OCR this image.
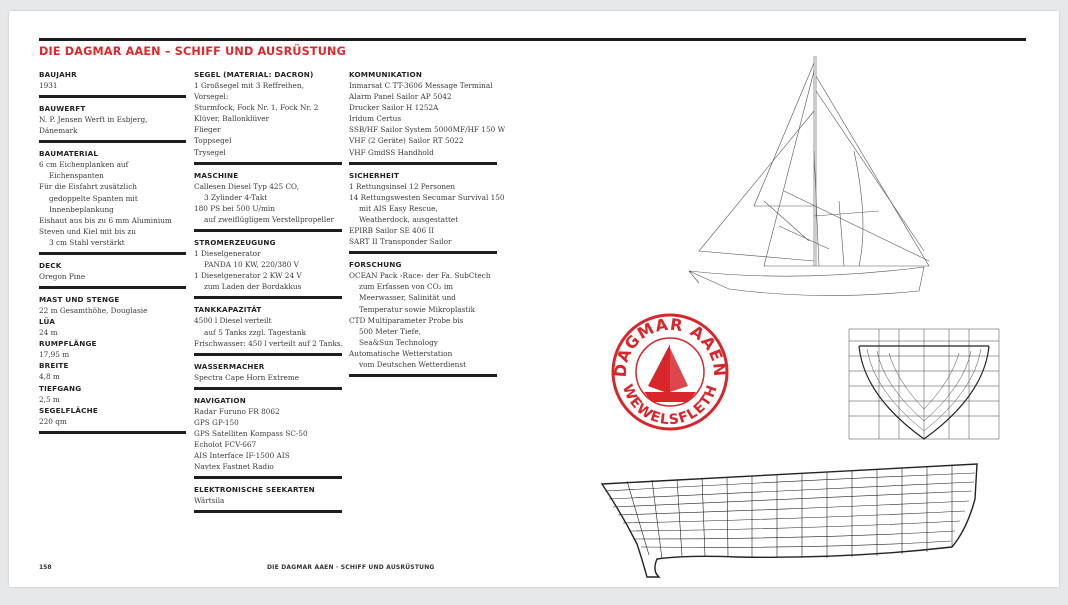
DIE DAGMAR AAEN – SCHIFF UND AUSRÜSTUNG
BAUJAHR
1931
BAUWERFT
N. P. Jensen Werft in Esbjerg,
Dänemark
BAUMATERIAL
6 cm Eichenplanken auf
Eichenspanten
Für die Eisfahrt zusätzlich
gedoppelte Spanten mit
Innenbeplankung
Eishaut aus bis zu 6 mm Aluminium
Steven und Kiel mit bis zu
3 cm Stahl verstärkt
DECK
Oregon Pine
MAST UND STENGE
22 m Gesamthöhe, Douglasie
LÜA
24 m
RUMPFLÄNGE
17,95 m
BREITE
4,8 m
TIEFGANG
2,5 m
SEGELFLÄCHE
220 qm
SEGEL (MATERIAL: DACRON)
1 Großsegel mit 3 Reffreihen,
Vorsegel:
Sturmfock, Fock Nr. 1, Fock Nr. 2
Klüver, Ballonklüver
Flieger
Toppsegel
Trysegel
MASCHINE
Callesen Diesel Typ 425 CO,
3 Zylinder 4-Takt
180 PS bei 500 U/min
auf zweiflügligem Verstellpropeller
STROMERZEUGUNG
1 Dieselgenerator
PANDA 10 KW, 220/380 V
1 Dieselgenerator 2 KW 24 V
zum Laden der Bordakkus
TANKKAPAZITÄT
4500 l Diesel verteilt
auf 5 Tanks zzgl. Tagestank
Frischwasser: 450 l verteilt auf 2 Tanks.
WASSERMACHER
Spectra Cape Horn Extreme
NAVIGATION
Radar Furuno FR 8062
GPS GP-150
GPS Satelliten Kompass SC-50
Echolot FCV-667
AIS Interface IF-1500 AIS
Navtex Fastnet Radio
ELEKTRONISCHE SEEKARTEN
Wärtsila
KOMMUNIKATION
Inmarsat C TT-3606 Message Terminal
Alarm Panel Sailor AP 5042
Drucker Sailor H 1252A
Iridum Certus
SSB/HF Sailor System 5000MF/HF 150 W
VHF (2 Geräte) Sailor RT 5022
VHF GmdSS Handhold
SICHERHEIT
1 Rettungsinsel 12 Personen
14 Rettungswesten Secumar Survival 150
mit AIS Easy Rescue,
Weatherdock, ausgestattet
EPIRB Sailor SE 406 II
SART II Transponder Sailor
FORSCHUNG
OCEAN Pack ›Race‹ der Fa. SubCtech
zum Erfassen von CO₂ im
Meerwasser, Salinität und
Temperatur sowie Mikroplastik
CTD Multiparameter Probe bis
500 Meter Tiefe,
Sea&Sun Technology
Automatische Wetterstation
vom Deutschen Wetterdienst	DAGMAR AAEN
WEWELSFLETH
158	DIE DAGMAR AAEN · SCHIFF UND AUSRÜSTUNG
